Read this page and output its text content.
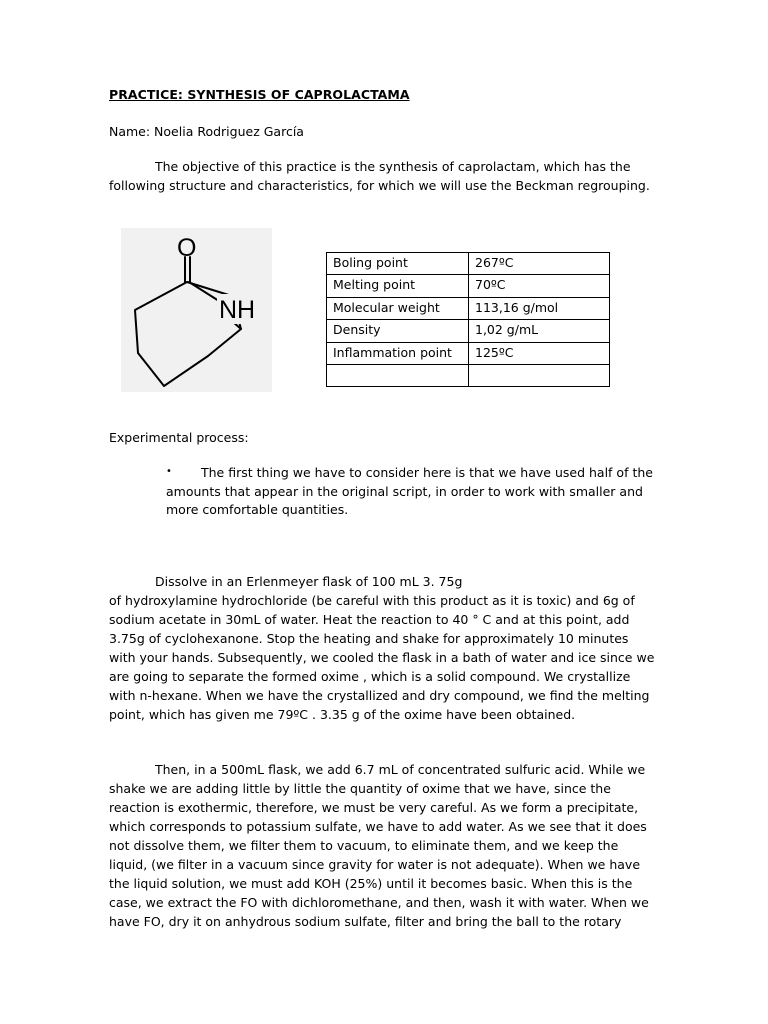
PRACTICE: SYNTHESIS OF CAPROLACTAMA
Name: Noelia Rodriguez García
The objective of this practice is the synthesis of caprolactam, which has the
following structure and characteristics, for which we will use the Beckman regrouping.
O
NH
Boling point	267ºC
Melting point	70ºC
Molecular weight	113,16 g/mol
Density	1,02 g/mL
Inflammation point	125ºC

Experimental process:
•	The first thing we have to consider here is that we have used half of the
amounts that appear in the original script, in order to work with smaller and
more comfortable quantities.
Dissolve in an Erlenmeyer flask of 100 mL 3. 75g
of hydroxylamine hydrochloride (be careful with this product as it is toxic) and 6g of
sodium acetate in 30mL of water. Heat the reaction to 40 ° C and at this point, add
3.75g of cyclohexanone. Stop the heating and shake for approximately 10 minutes
with your hands. Subsequently, we cooled the flask in a bath of water and ice since we
are going to separate the formed oxime , which is a solid compound. We crystallize
with n-hexane. When we have the crystallized and dry compound, we find the melting
point, which has given me 79ºC . 3.35 g of the oxime have been obtained.
Then, in a 500mL flask, we add 6.7 mL of concentrated sulfuric acid. While we
shake we are adding little by little the quantity of oxime that we have, since the
reaction is exothermic, therefore, we must be very careful. As we form a precipitate,
which corresponds to potassium sulfate, we have to add water. As we see that it does
not dissolve them, we filter them to vacuum, to eliminate them, and we keep the
liquid, (we filter in a vacuum since gravity for water is not adequate). When we have
the liquid solution, we must add KOH (25%) until it becomes basic. When this is the
case, we extract the FO with dichloromethane, and then, wash it with water. When we
have FO, dry it on anhydrous sodium sulfate, filter and bring the ball to the rotary
